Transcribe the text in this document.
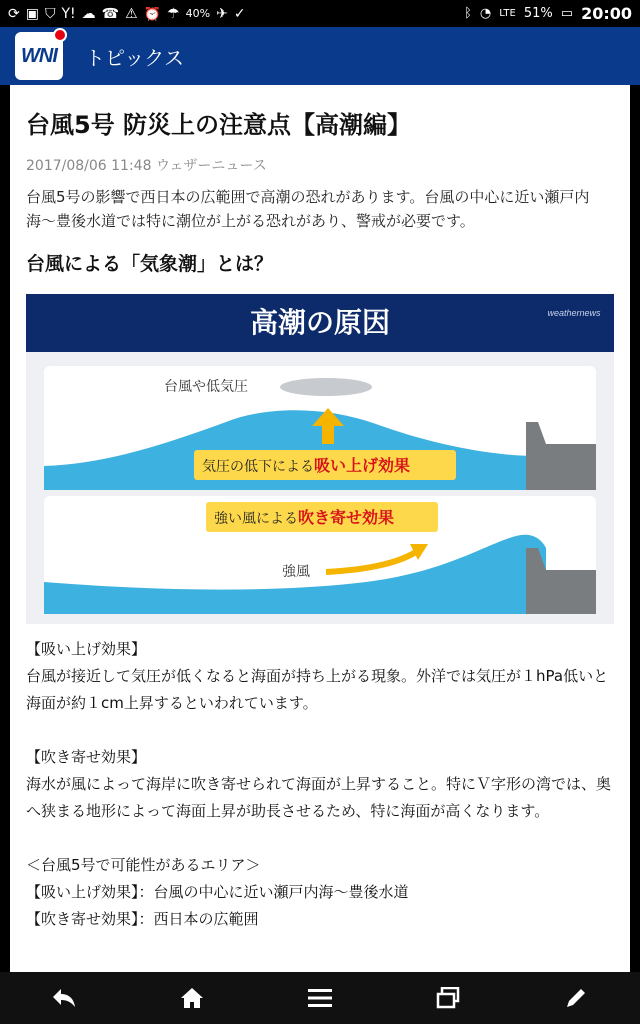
⟳ ▣ ⛉ Y! ☁ ☎ ⚠ ⏰ ☂ 40% ✈ ✓	ᛒ ◔ LTE 51% ▭ 20:00
WNI トピックス
台風5号 防災上の注意点【高潮編】
2017/08/06 11:48 ウェザーニュース

台風5号の影響で西日本の広範囲で高潮の恐れがあります。台風の中心に近い瀬戸内海〜豊後水道では特に潮位が上がる恐れがあり、警戒が必要です。

台風による「気象潮」とは？
高潮の原因	weathernews
台風や低気圧
気圧の低下による吸い上げ効果
強い風による吹き寄せ効果
強風
【吸い上げ効果】
台風が接近して気圧が低くなると海面が持ち上がる現象。外洋では気圧が１hPa低いと海面が約１cm上昇するといわれています。
【吹き寄せ効果】
海水が風によって海岸に吹き寄せられて海面が上昇すること。特にＶ字形の湾では、奥へ狭まる地形によって海面上昇が助長させるため、特に海面が高くなります。
＜台風5号で可能性があるエリア＞
【吸い上げ効果】：台風の中心に近い瀬戸内海〜豊後水道
【吹き寄せ効果】：西日本の広範囲
